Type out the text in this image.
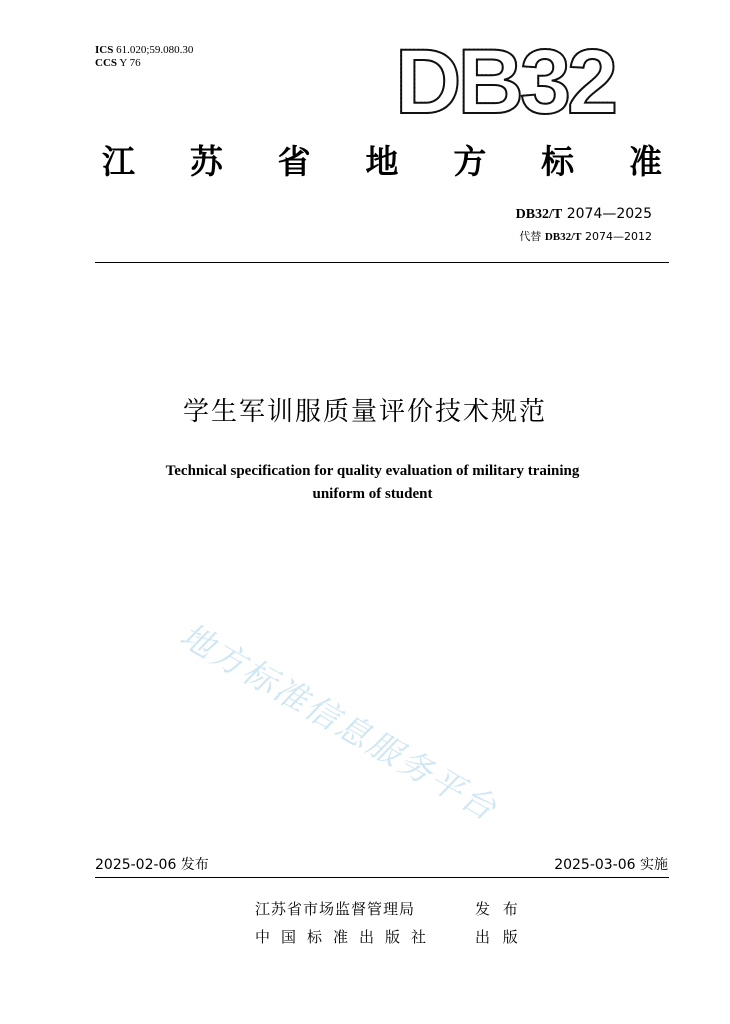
ICS 61.020;59.080.30
CCS Y 76	DB32
江 苏 省 地 方 标 准
DB32/T 2074—2025
代替 DB32/T 2074—2012
学生军训服质量评价技术规范
Technical specification for quality evaluation of military training
uniform of student
地方标准信息服务平台
2025-02-06 发布	2025-03-06 实施
江苏省市场监督管理局	发 布
中国标准出版社	出 版
